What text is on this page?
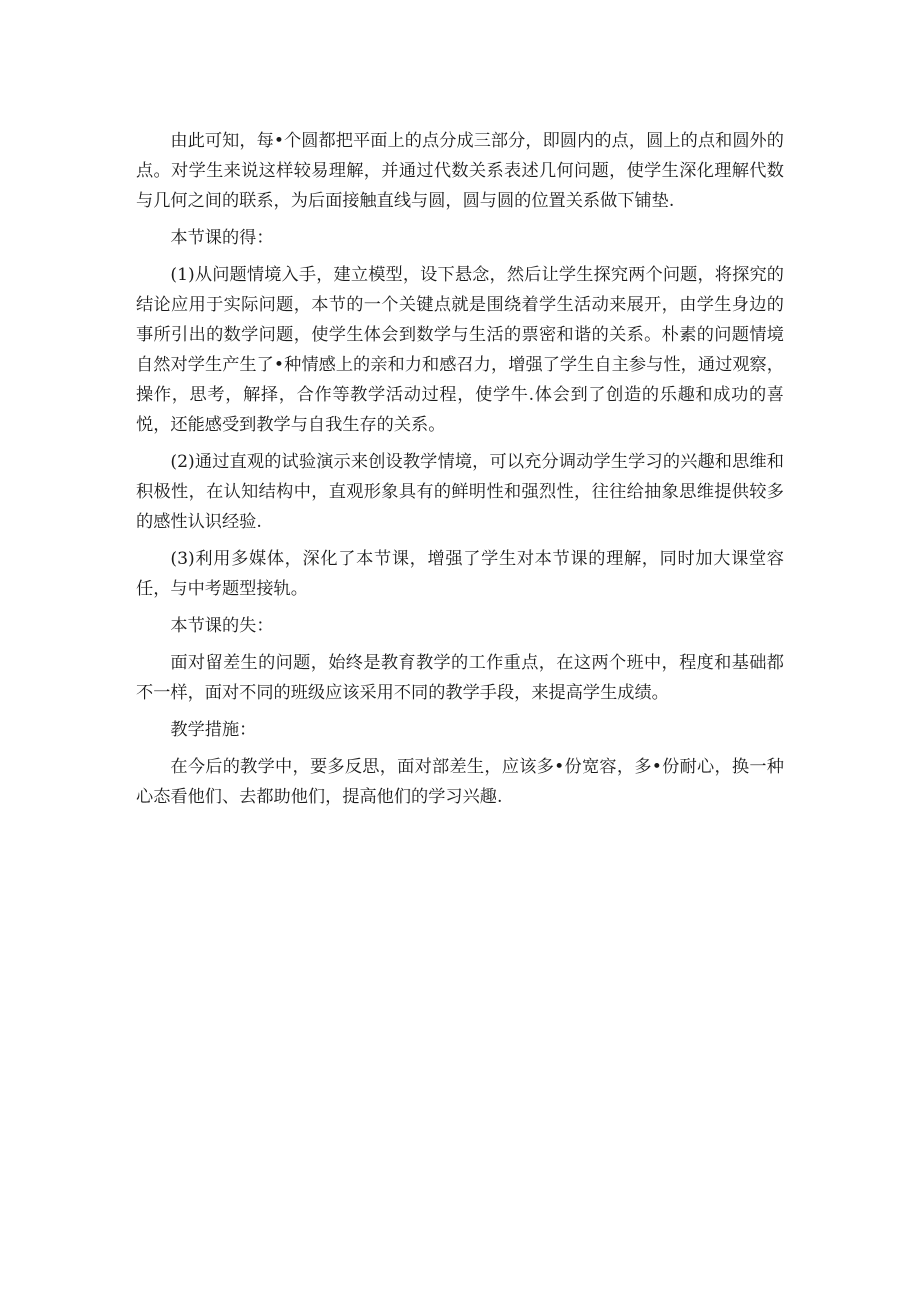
由此可知，每•个圆都把平面上的点分成三部分，即圆内的点，圆上的点和圆外的点。对学生来说这样较易理解，并通过代数关系表述几何问题，使学生深化理解代数与几何之间的联系，为后面接触直线与圆，圆与圆的位置关系做下铺垫.

本节课的得：

(1)从问题情境入手，建立模型，设下悬念，然后让学生探究两个问题，将探究的结论应用于实际问题，本节的一个关键点就是围绕着学生活动来展开，由学生身边的事所引出的数学问题，使学生体会到数学与生活的票密和谐的关系。朴素的问题情境自然对学生产生了•种情感上的亲和力和感召力，增强了学生自主参与性，通过观察，操作，思考，解择，合作等教学活动过程，使学牛.体会到了创造的乐趣和成功的喜悦，还能感受到教学与自我生存的关系。

(2)通过直观的试验演示来创设教学情境，可以充分调动学生学习的兴趣和思维和积极性，在认知结构中，直观形象具有的鲜明性和强烈性，往往给抽象思维提供较多的感性认识经验.

(3)利用多媒体，深化了本节课，增强了学生对本节课的理解，同时加大课堂容任，与中考题型接轨。

本节课的失：

面对留差生的问题，始终是教育教学的工作重点，在这两个班中，程度和基础都不一样，面对不同的班级应该采用不同的教学手段，来提高学生成绩。

教学措施：

在今后的教学中，要多反思，面对部差生，应该多•份宽容，多•份耐心，换一种心态看他们、去都助他们，提高他们的学习兴趣.
